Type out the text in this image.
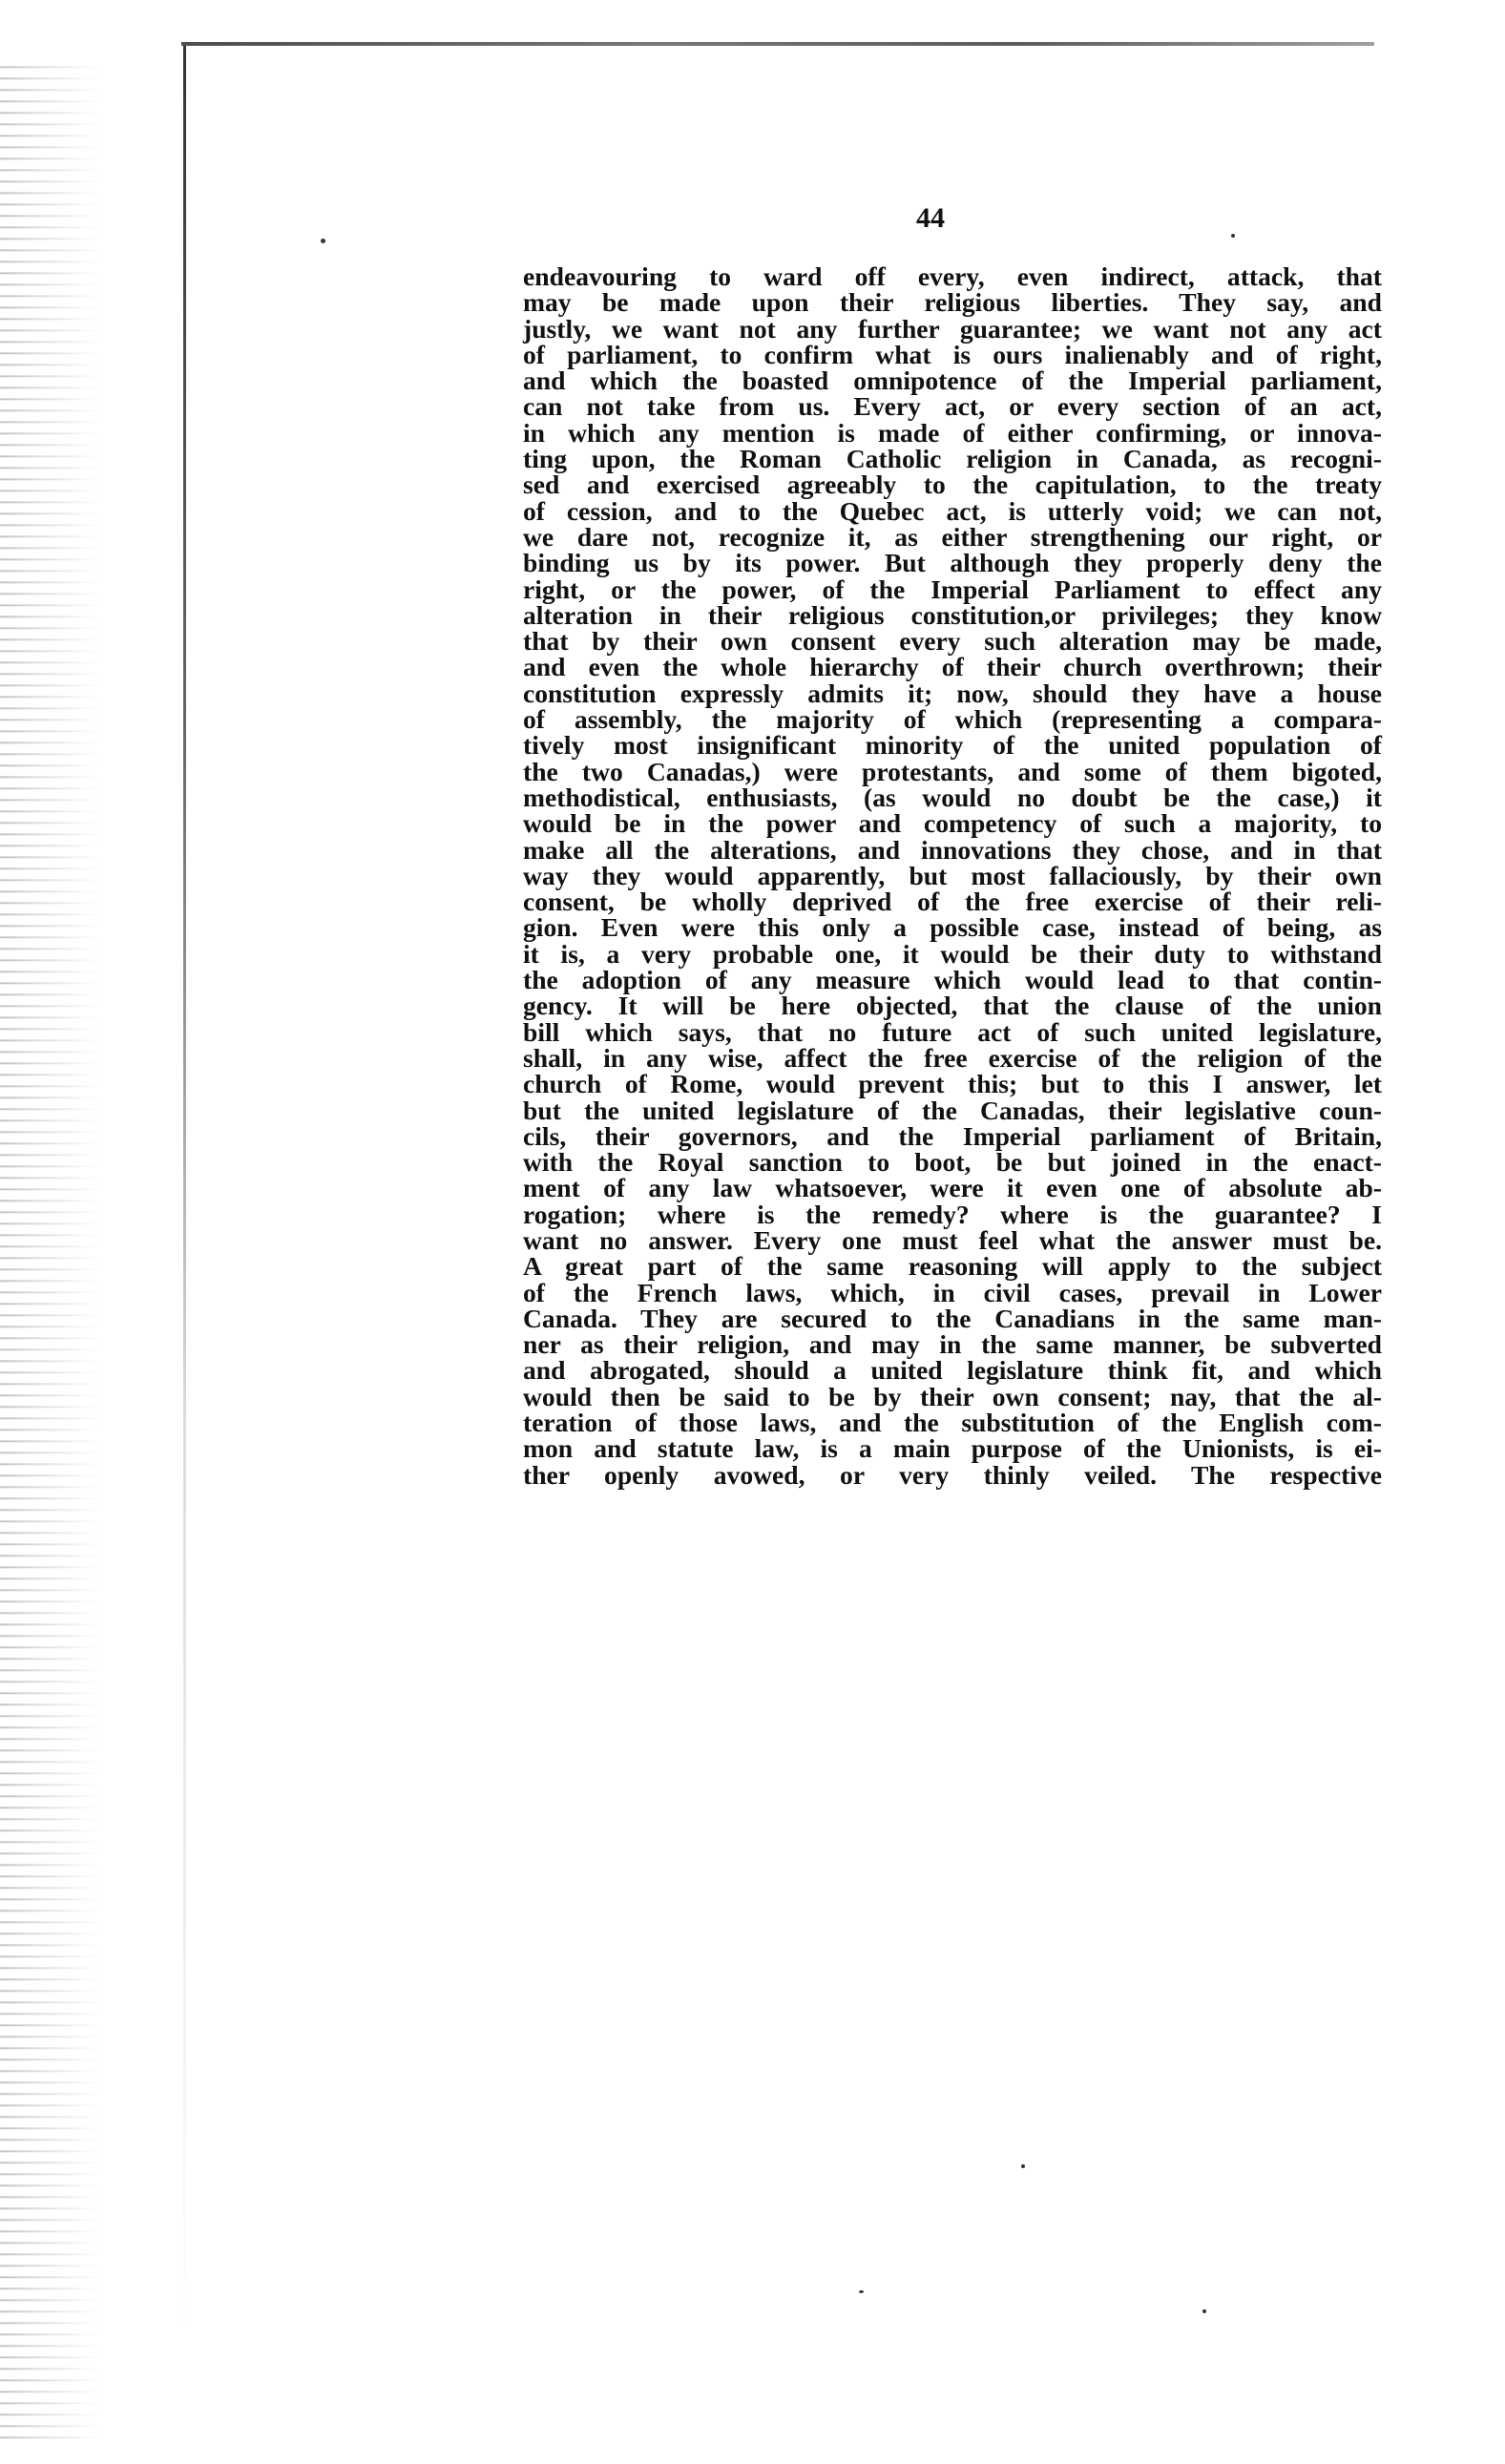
44
endeavouring to ward off every, even indirect, attack, that
may be made upon their religious liberties. They say, and
justly, we want not any further guarantee; we want not any act
of parliament, to confirm what is ours inalienably and of right,
and which the boasted omnipotence of the Imperial parliament,
can not take from us. Every act, or every section of an act,
in which any mention is made of either confirming, or innova-
ting upon, the Roman Catholic religion in Canada, as recogni-
sed and exercised agreeably to the capitulation, to the treaty
of cession, and to the Quebec act, is utterly void; we can not,
we dare not, recognize it, as either strengthening our right, or
binding us by its power. But although they properly deny the
right, or the power, of the Imperial Parliament to effect any
alteration in their religious constitution,or privileges; they know
that by their own consent every such alteration may be made,
and even the whole hierarchy of their church overthrown; their
constitution expressly admits it; now, should they have a house
of assembly, the majority of which (representing a compara-
tively most insignificant minority of the united population of
the two Canadas,) were protestants, and some of them bigoted,
methodistical, enthusiasts, (as would no doubt be the case,) it
would be in the power and competency of such a majority, to
make all the alterations, and innovations they chose, and in that
way they would apparently, but most fallaciously, by their own
consent, be wholly deprived of the free exercise of their reli-
gion. Even were this only a possible case, instead of being, as
it is, a very probable one, it would be their duty to withstand
the adoption of any measure which would lead to that contin-
gency. It will be here objected, that the clause of the union
bill which says, that no future act of such united legislature,
shall, in any wise, affect the free exercise of the religion of the
church of Rome, would prevent this; but to this I answer, let
but the united legislature of the Canadas, their legislative coun-
cils, their governors, and the Imperial parliament of Britain,
with the Royal sanction to boot, be but joined in the enact-
ment of any law whatsoever, were it even one of absolute ab-
rogation; where is the remedy? where is the guarantee? I
want no answer. Every one must feel what the answer must be.
A great part of the same reasoning will apply to the subject
of the French laws, which, in civil cases, prevail in Lower
Canada. They are secured to the Canadians in the same man-
ner as their religion, and may in the same manner, be subverted
and abrogated, should a united legislature think fit, and which
would then be said to be by their own consent; nay, that the al-
teration of those laws, and the substitution of the English com-
mon and statute law, is a main purpose of the Unionists, is ei-
ther openly avowed, or very thinly veiled. The respective
